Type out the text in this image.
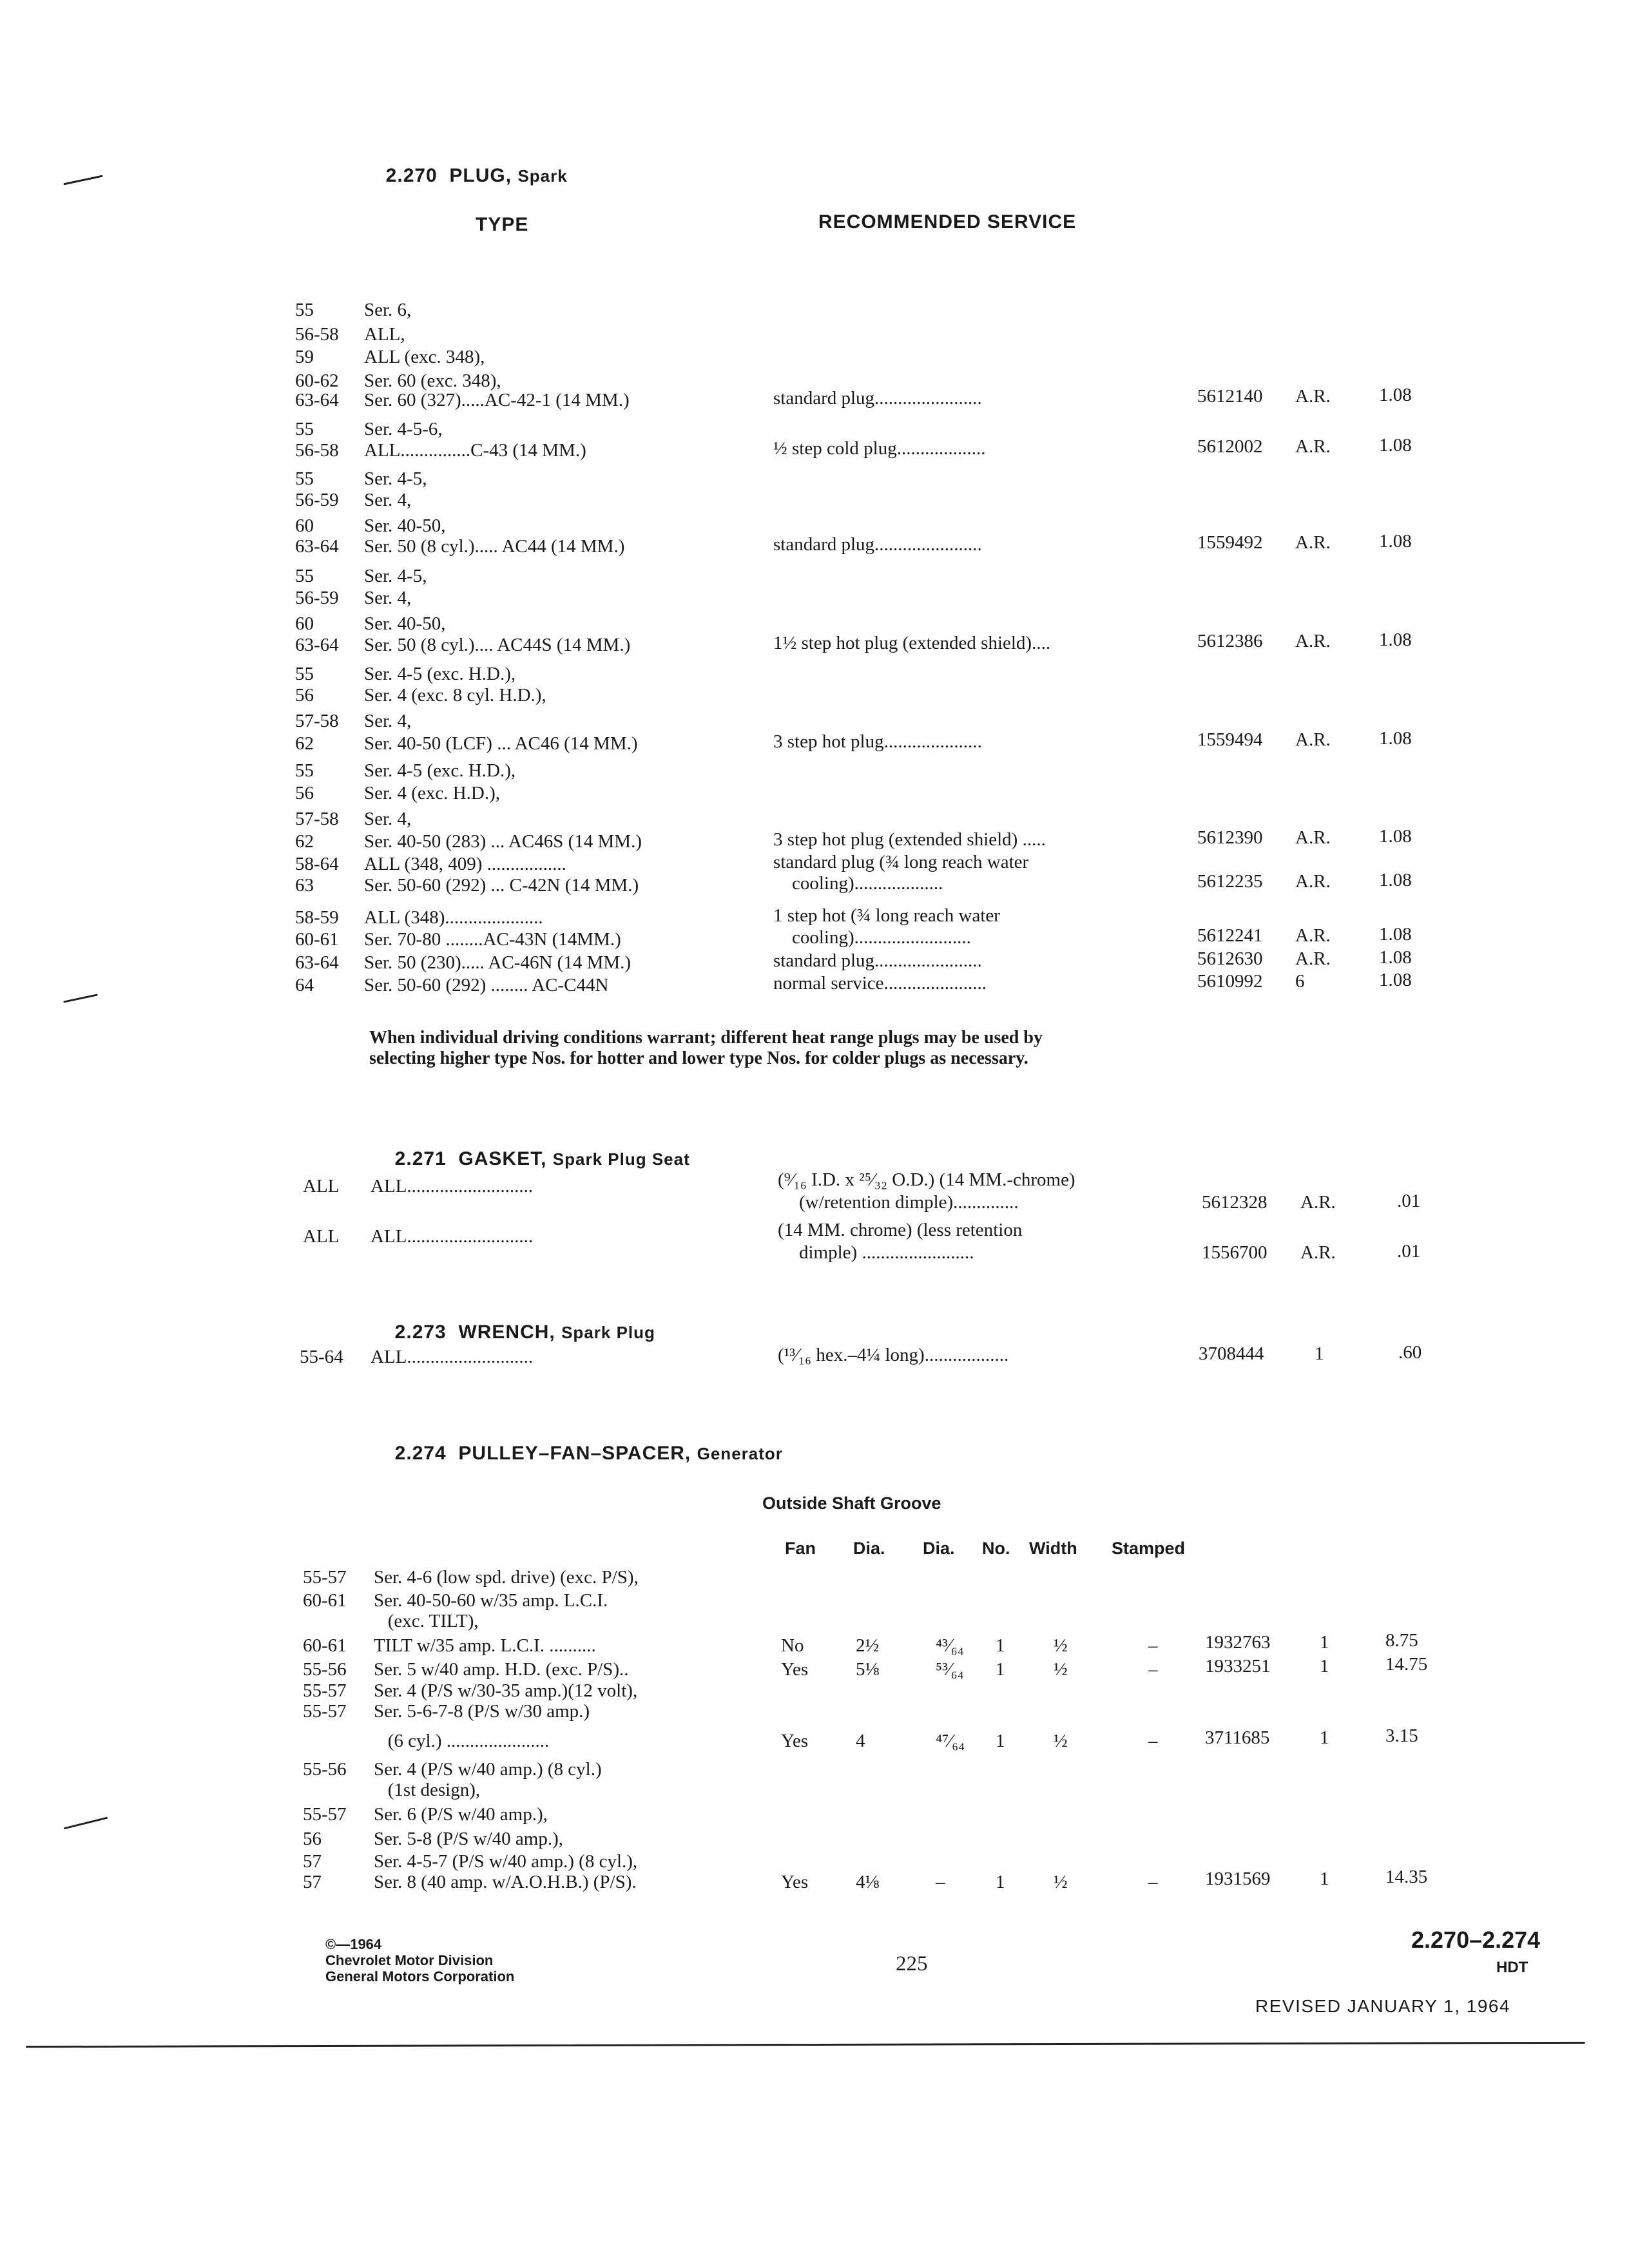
2.270 PLUG, Spark

TYPE	RECOMMENDED SERVICE
55	Ser. 6,
56-58 ALL,
59	ALL (exc. 348),
60-62 Ser. 60 (exc. 348),
63-64 Ser. 60 (327).....AC-42-1 (14 MM.)	standard plug.......................	5612140 A.R.	1.08
55	Ser. 4-5-6,
56-58 ALL...............C-43 (14 MM.)	½ step cold plug...................	5612002 A.R.	1.08
55	Ser. 4-5,
56-59 Ser. 4,
60	Ser. 40-50,
63-64 Ser. 50 (8 cyl.)..... AC44 (14 MM.)	standard plug.......................	1559492 A.R.	1.08
55	Ser. 4-5,
56-59 Ser. 4,
60	Ser. 40-50,
63-64 Ser. 50 (8 cyl.).... AC44S (14 MM.)	1½ step hot plug (extended shield)....	5612386 A.R.	1.08
55	Ser. 4-5 (exc. H.D.),
56	Ser. 4 (exc. 8 cyl. H.D.),
57-58 Ser. 4,
62	Ser. 40-50 (LCF) ... AC46 (14 MM.)	3 step hot plug.....................	1559494 A.R.	1.08
55	Ser. 4-5 (exc. H.D.),
56	Ser. 4 (exc. H.D.),
57-58 Ser. 4,
62	Ser. 40-50 (283) ... AC46S (14 MM.)	3 step hot plug (extended shield) .....	5612390 A.R.	1.08
58-64 ALL (348, 409) .................	standard plug (¾ long reach water
63	Ser. 50-60 (292) ... C-42N (14 MM.)	cooling)...................	5612235 A.R.	1.08
58-59 ALL (348).....................	1 step hot (¾ long reach water
60-61 Ser. 70-80 ........AC-43N (14MM.)	cooling).........................	5612241 A.R.	1.08
63-64 Ser. 50 (230)..... AC-46N (14 MM.)	standard plug.......................	5612630 A.R.	1.08
64	Ser. 50-60 (292) ........ AC-C44N	normal service......................	5610992 6	1.08
When individual driving conditions warrant; different heat range plugs may be used by
selecting higher type Nos. for hotter and lower type Nos. for colder plugs as necessary.

2.271 GASKET, Spark Plug Seat

ALL ALL...........................	(⁹⁄₁₆ I.D. x ²⁵⁄₃₂ O.D.) (14 MM.-chrome)
(w/retention dimple)..............	5612328 A.R.	.01
ALL ALL...........................	(14 MM. chrome) (less retention
dimple) ........................	1556700 A.R.	.01

2.273 WRENCH, Spark Plug

55-64 ALL...........................	(¹³⁄₁₆ hex.–4¼ long)..................	3708444	1	.60

2.274 PULLEY–FAN–SPACER, Generator

Outside Shaft Groove
Fan Dia. Dia. No. Width Stamped
55-57 Ser. 4-6 (low spd. drive) (exc. P/S),
60-61 Ser. 40-50-60 w/35 amp. L.C.I.
(exc. TILT),
60-61 TILT w/35 amp. L.C.I. ..........	No	2½	⁴³⁄₆₄ 1	½	–	1932763	1	8.75
55-56 Ser. 5 w/40 amp. H.D. (exc. P/S)..	Yes	5⅛	⁵³⁄₆₄ 1	½	–	1933251	1	14.75
55-57 Ser. 4 (P/S w/30-35 amp.)(12 volt),
55-57 Ser. 5-6-7-8 (P/S w/30 amp.)
(6 cyl.) ......................	Yes	4	⁴⁷⁄₆₄ 1	½	–	3711685	1	3.15
55-56 Ser. 4 (P/S w/40 amp.) (8 cyl.)
(1st design),
55-57 Ser. 6 (P/S w/40 amp.),
56	Ser. 5-8 (P/S w/40 amp.),
57	Ser. 4-5-7 (P/S w/40 amp.) (8 cyl.),
57	Ser. 8 (40 amp. w/A.O.H.B.) (P/S).	Yes	4⅛	–	1	½	–	1931569	1	14.35
©—1964
Chevrolet Motor Division
General Motors Corporation
225
2.270–2.274
HDT
REVISED JANUARY 1, 1964
